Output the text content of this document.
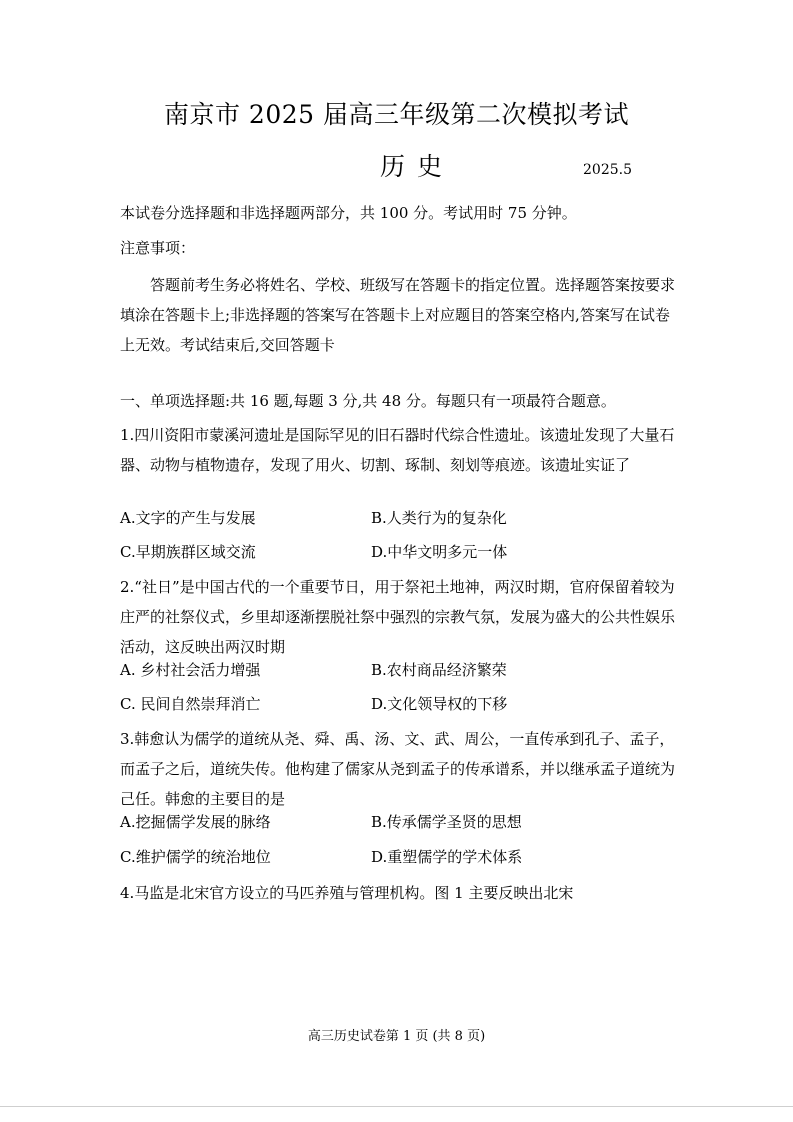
南京市 2025 届高三年级第二次模拟考试
历史	2025.5
本试卷分选择题和非选择题两部分，共 100 分。考试用时 75 分钟。
注意事项：
答题前考生务必将姓名、学校、班级写在答题卡的指定位置。选择题答案按要求填涂在答题卡上;非选择题的答案写在答题卡上对应题目的答案空格内,答案写在试卷上无效。考试结束后,交回答题卡
一、单项选择题:共 16 题,每题 3 分,共 48 分。每题只有一项最符合题意。
1.四川资阳市蒙溪河遗址是国际罕见的旧石器时代综合性遗址。该遗址发现了大量石器、动物与植物遗存，发现了用火、切割、琢制、刻划等痕迹。该遗址实证了
A.文字的产生与发展	B.人类行为的复杂化
C.早期族群区域交流	D.中华文明多元一体
2.“社日”是中国古代的一个重要节日，用于祭祀土地神，两汉时期，官府保留着较为庄严的社祭仪式，乡里却逐渐摆脱社祭中强烈的宗教气氛，发展为盛大的公共性娱乐活动，这反映出两汉时期
A. 乡村社会活力增强	B.农村商品经济繁荣
C. 民间自然崇拜消亡	D.文化领导权的下移
3.韩愈认为儒学的道统从尧、舜、禹、汤、文、武、周公，一直传承到孔子、孟子，而孟子之后，道统失传。他构建了儒家从尧到孟子的传承谱系，并以继承孟子道统为己任。韩愈的主要目的是
A.挖掘儒学发展的脉络	B.传承儒学圣贤的思想
C.维护儒学的统治地位	D.重塑儒学的学术体系
4.马监是北宋官方设立的马匹养殖与管理机构。图 1 主要反映出北宋
高三历史试卷第 1 页 (共 8 页)
